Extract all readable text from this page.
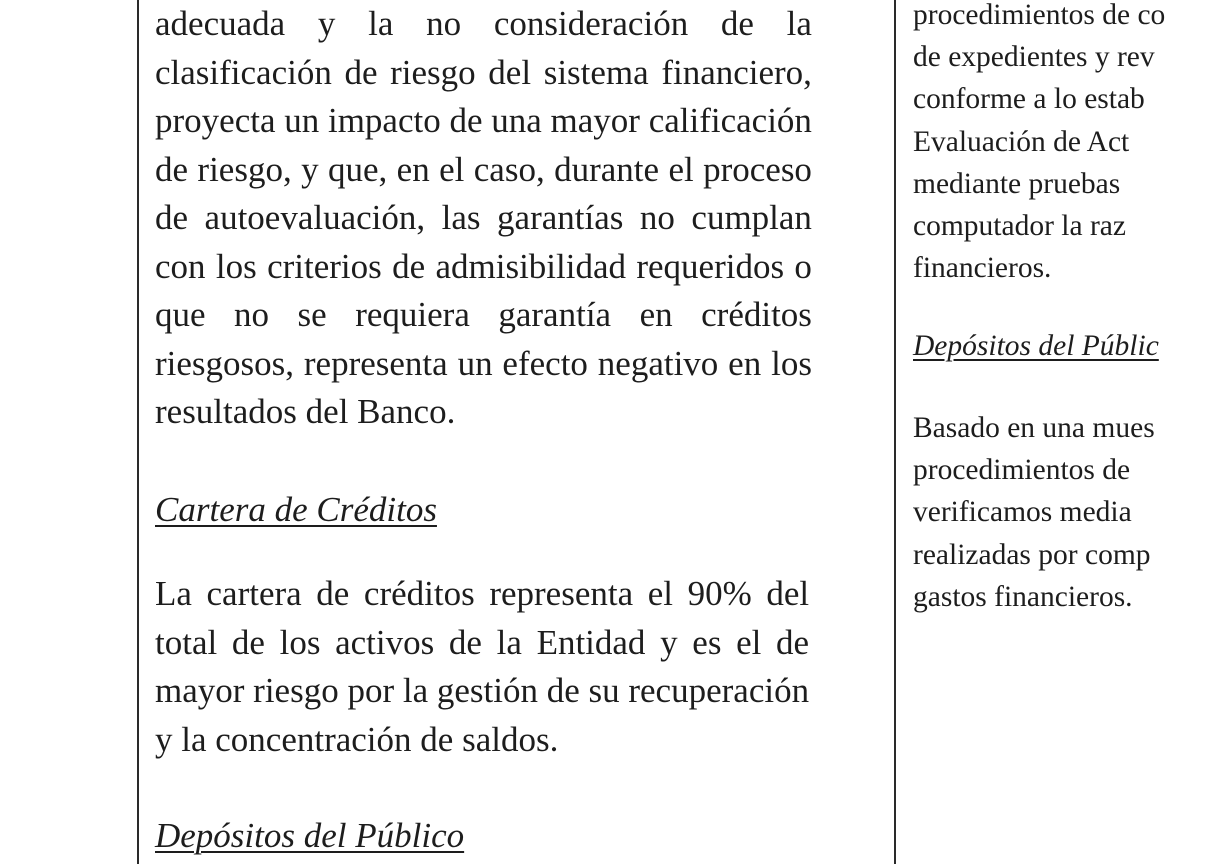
adecuada y la no consideración de la
clasificación de riesgo del sistema financiero,
proyecta un impacto de una mayor calificación
de riesgo, y que, en el caso, durante el proceso
de autoevaluación, las garantías no cumplan
con los criterios de admisibilidad requeridos o
que no se requiera garantía en créditos
riesgosos, representa un efecto negativo en los
resultados del Banco.
Cartera de Créditos
La cartera de créditos representa el 90% del
total de los activos de la Entidad y es el de
mayor riesgo por la gestión de su recuperación
y la concentración de saldos.
Depósitos del Público
procedimientos de co
de expedientes y rev
conforme a lo estab
Evaluación de Act
mediante pruebas
computador la raz
financieros.
Depósitos del Públic
Basado en una mues
procedimientos de
verificamos media
realizadas por comp
gastos financieros.
